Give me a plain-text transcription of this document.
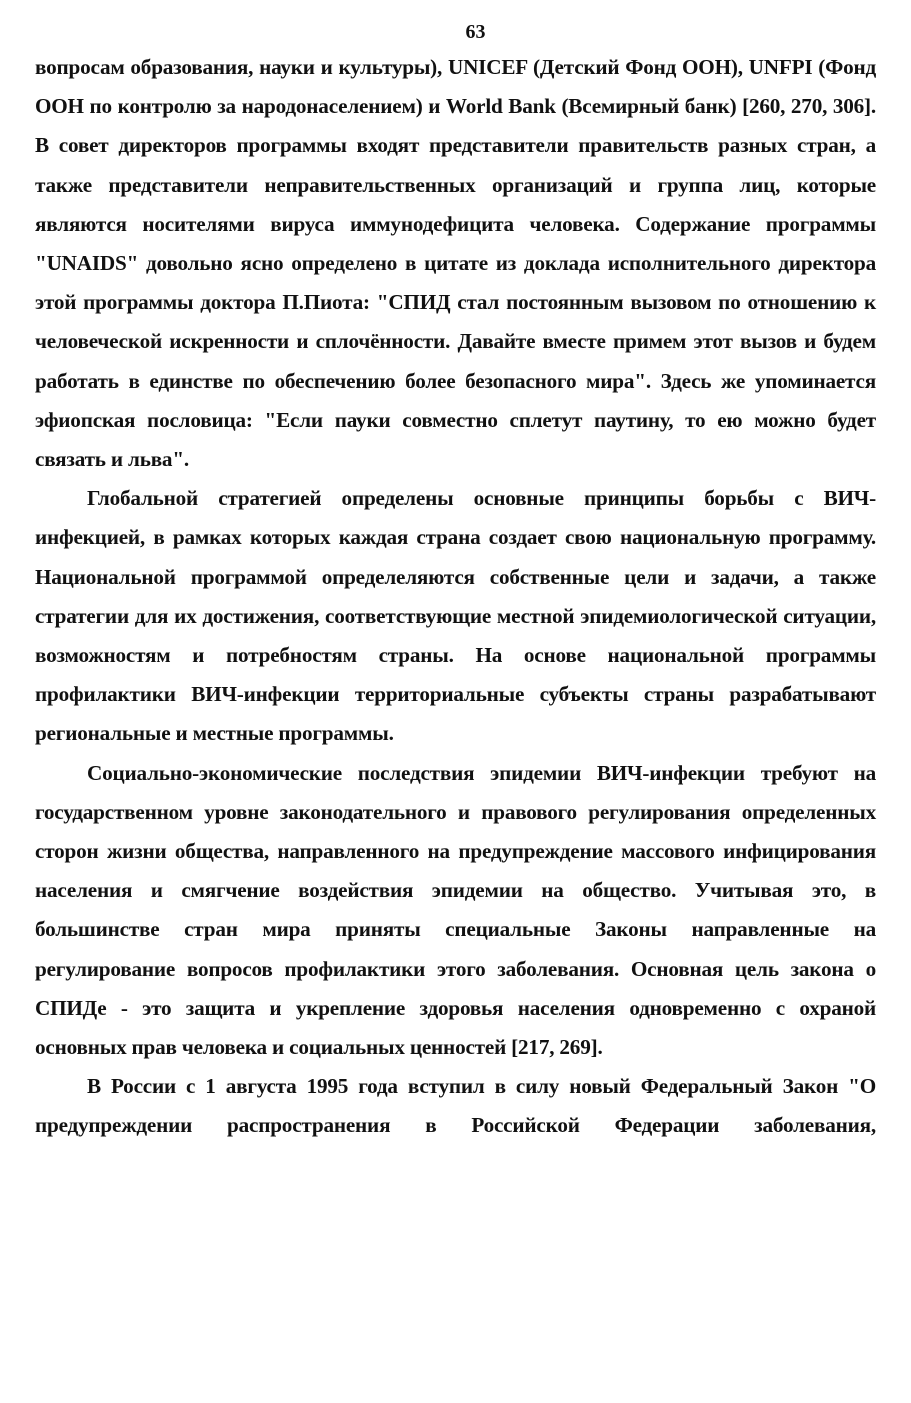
63

вопросам образования, науки и культуры), UNICEF (Детский Фонд ООН), UNFPI (Фонд ООН по контролю за народонаселением) и World Bank (Всемирный банк) [260, 270, 306]. В совет директоров программы входят представители правительств разных стран, а также представители неправительственных организаций и группа лиц, которые являются носителями вируса иммунодефицита человека. Содержание программы "UNAIDS" довольно ясно определено в цитате из доклада исполнительного директора этой программы доктора П.Пиота: "СПИД стал постоянным вызовом по отношению к человеческой искренности и сплочённости. Давайте вместе примем этот вызов и будем работать в единстве по обеспечению более безопасного мира". Здесь же упоминается эфиопская пословица: "Если пауки совместно сплетут паутину, то ею можно будет связать и льва".

Глобальной стратегией определены основные принципы борьбы с ВИЧ-инфекцией, в рамках которых каждая страна создает свою национальную программу. Национальной программой определеляются собственные цели и задачи, а также стратегии для их достижения, соответствующие местной эпидемиологической ситуации, возможностям и потребностям страны. На основе национальной программы профилактики ВИЧ-инфекции территориальные субъекты страны разрабатывают региональные и местные программы.

Социально-экономические последствия эпидемии ВИЧ-инфекции требуют на государственном уровне законодательного и правового регулирования определенных сторон жизни общества, направленного на предупреждение массового инфицирования населения и смягчение воздействия эпидемии на общество. Учитывая это, в большинстве стран мира приняты специальные Законы направленные на регулирование вопросов профилактики этого заболевания. Основная цель закона о СПИДе - это защита и укрепление здоровья населения одновременно с охраной основных прав человека и социальных ценностей [217, 269].

В России с 1 августа 1995 года вступил в силу новый Федеральный Закон "О предупреждении распространения в Российской Федерации заболевания,
